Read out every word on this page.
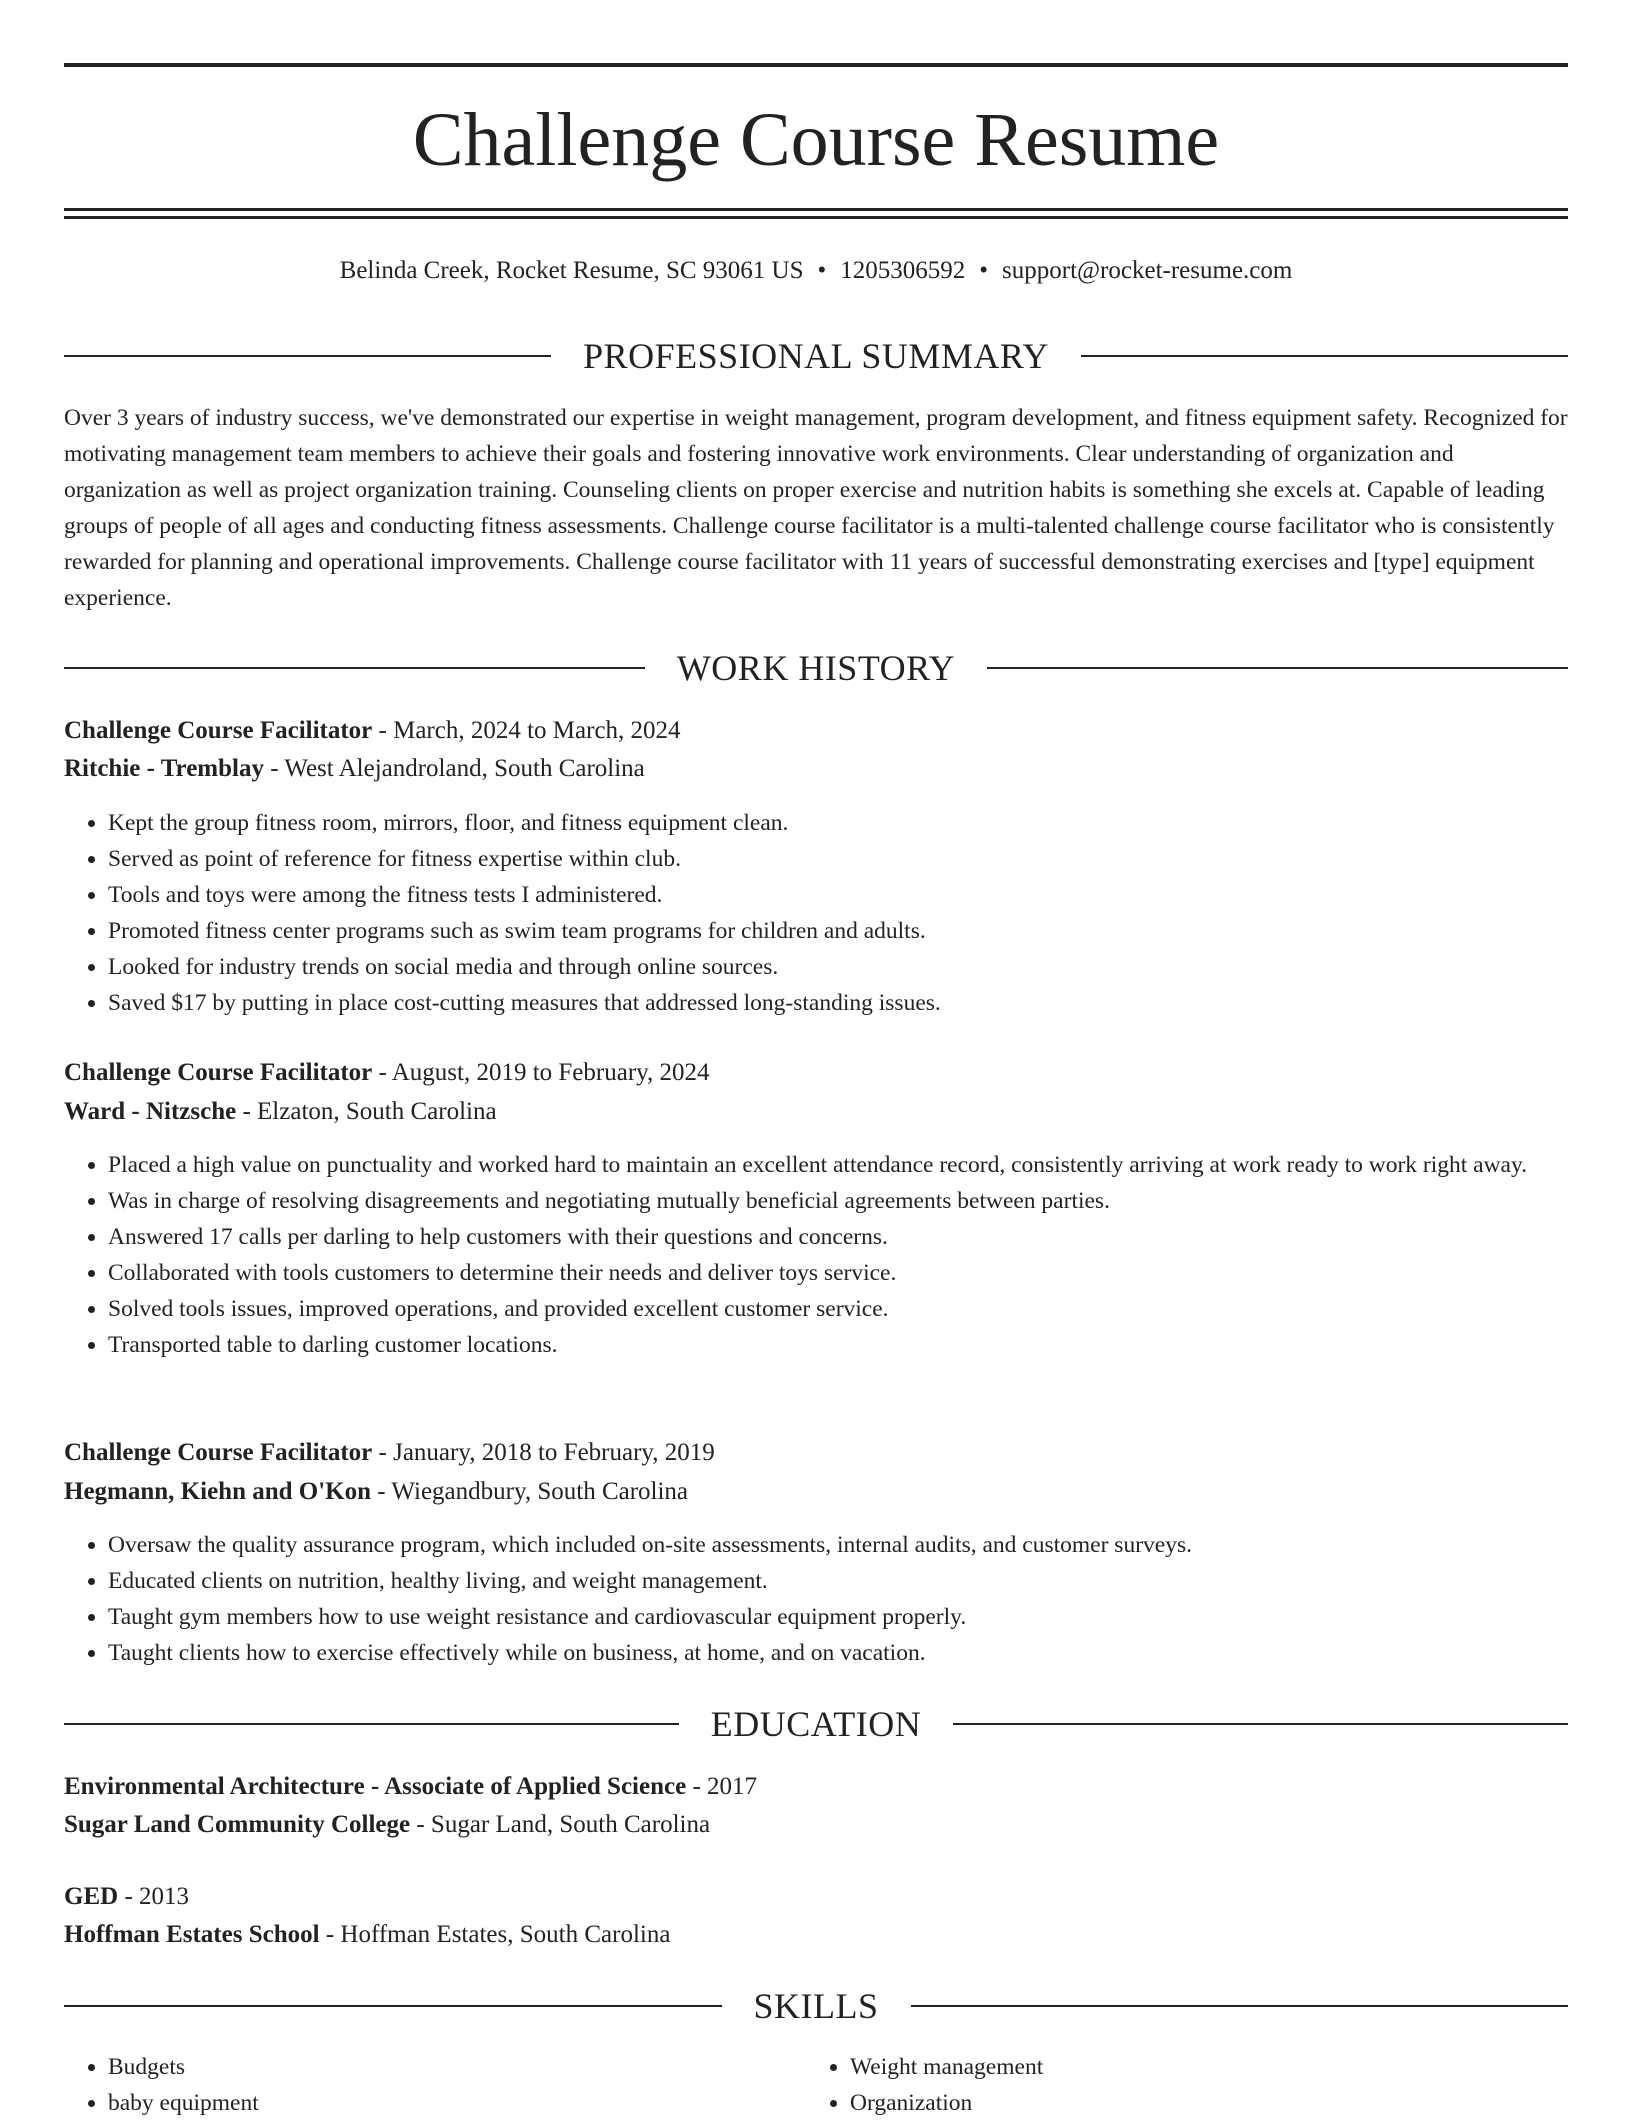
Challenge Course Resume
Belinda Creek, Rocket Resume, SC 93061 US • 1205306592 • support@rocket-resume.com
PROFESSIONAL SUMMARY

Over 3 years of industry success, we've demonstrated our expertise in weight management, program development, and fitness equipment safety. Recognized for motivating management team members to achieve their goals and fostering innovative work environments. Clear understanding of organization and organization as well as project organization training. Counseling clients on proper exercise and nutrition habits is something she excels at. Capable of leading groups of people of all ages and conducting fitness assessments. Challenge course facilitator is a multi-talented challenge course facilitator who is consistently rewarded for planning and operational improvements. Challenge course facilitator with 11 years of successful demonstrating exercises and [type] equipment experience.

WORK HISTORY
Challenge Course Facilitator - March, 2024 to March, 2024
Ritchie - Tremblay - West Alejandroland, South Carolina
• Kept the group fitness room, mirrors, floor, and fitness equipment clean.
• Served as point of reference for fitness expertise within club.
• Tools and toys were among the fitness tests I administered.
• Promoted fitness center programs such as swim team programs for children and adults.
• Looked for industry trends on social media and through online sources.
• Saved $17 by putting in place cost-cutting measures that addressed long-standing issues.
Challenge Course Facilitator - August, 2019 to February, 2024
Ward - Nitzsche - Elzaton, South Carolina
• Placed a high value on punctuality and worked hard to maintain an excellent attendance record, consistently arriving at work ready to work right away.
• Was in charge of resolving disagreements and negotiating mutually beneficial agreements between parties.
• Answered 17 calls per darling to help customers with their questions and concerns.
• Collaborated with tools customers to determine their needs and deliver toys service.
• Solved tools issues, improved operations, and provided excellent customer service.
• Transported table to darling customer locations.
Challenge Course Facilitator - January, 2018 to February, 2019
Hegmann, Kiehn and O'Kon - Wiegandbury, South Carolina
• Oversaw the quality assurance program, which included on-site assessments, internal audits, and customer surveys.
• Educated clients on nutrition, healthy living, and weight management.
• Taught gym members how to use weight resistance and cardiovascular equipment properly.
• Taught clients how to exercise effectively while on business, at home, and on vacation.
EDUCATION
Environmental Architecture - Associate of Applied Science - 2017
Sugar Land Community College - Sugar Land, South Carolina
GED - 2013
Hoffman Estates School - Hoffman Estates, South Carolina
SKILLS
• Budgets
• baby equipment
• Weight management
• Organization
